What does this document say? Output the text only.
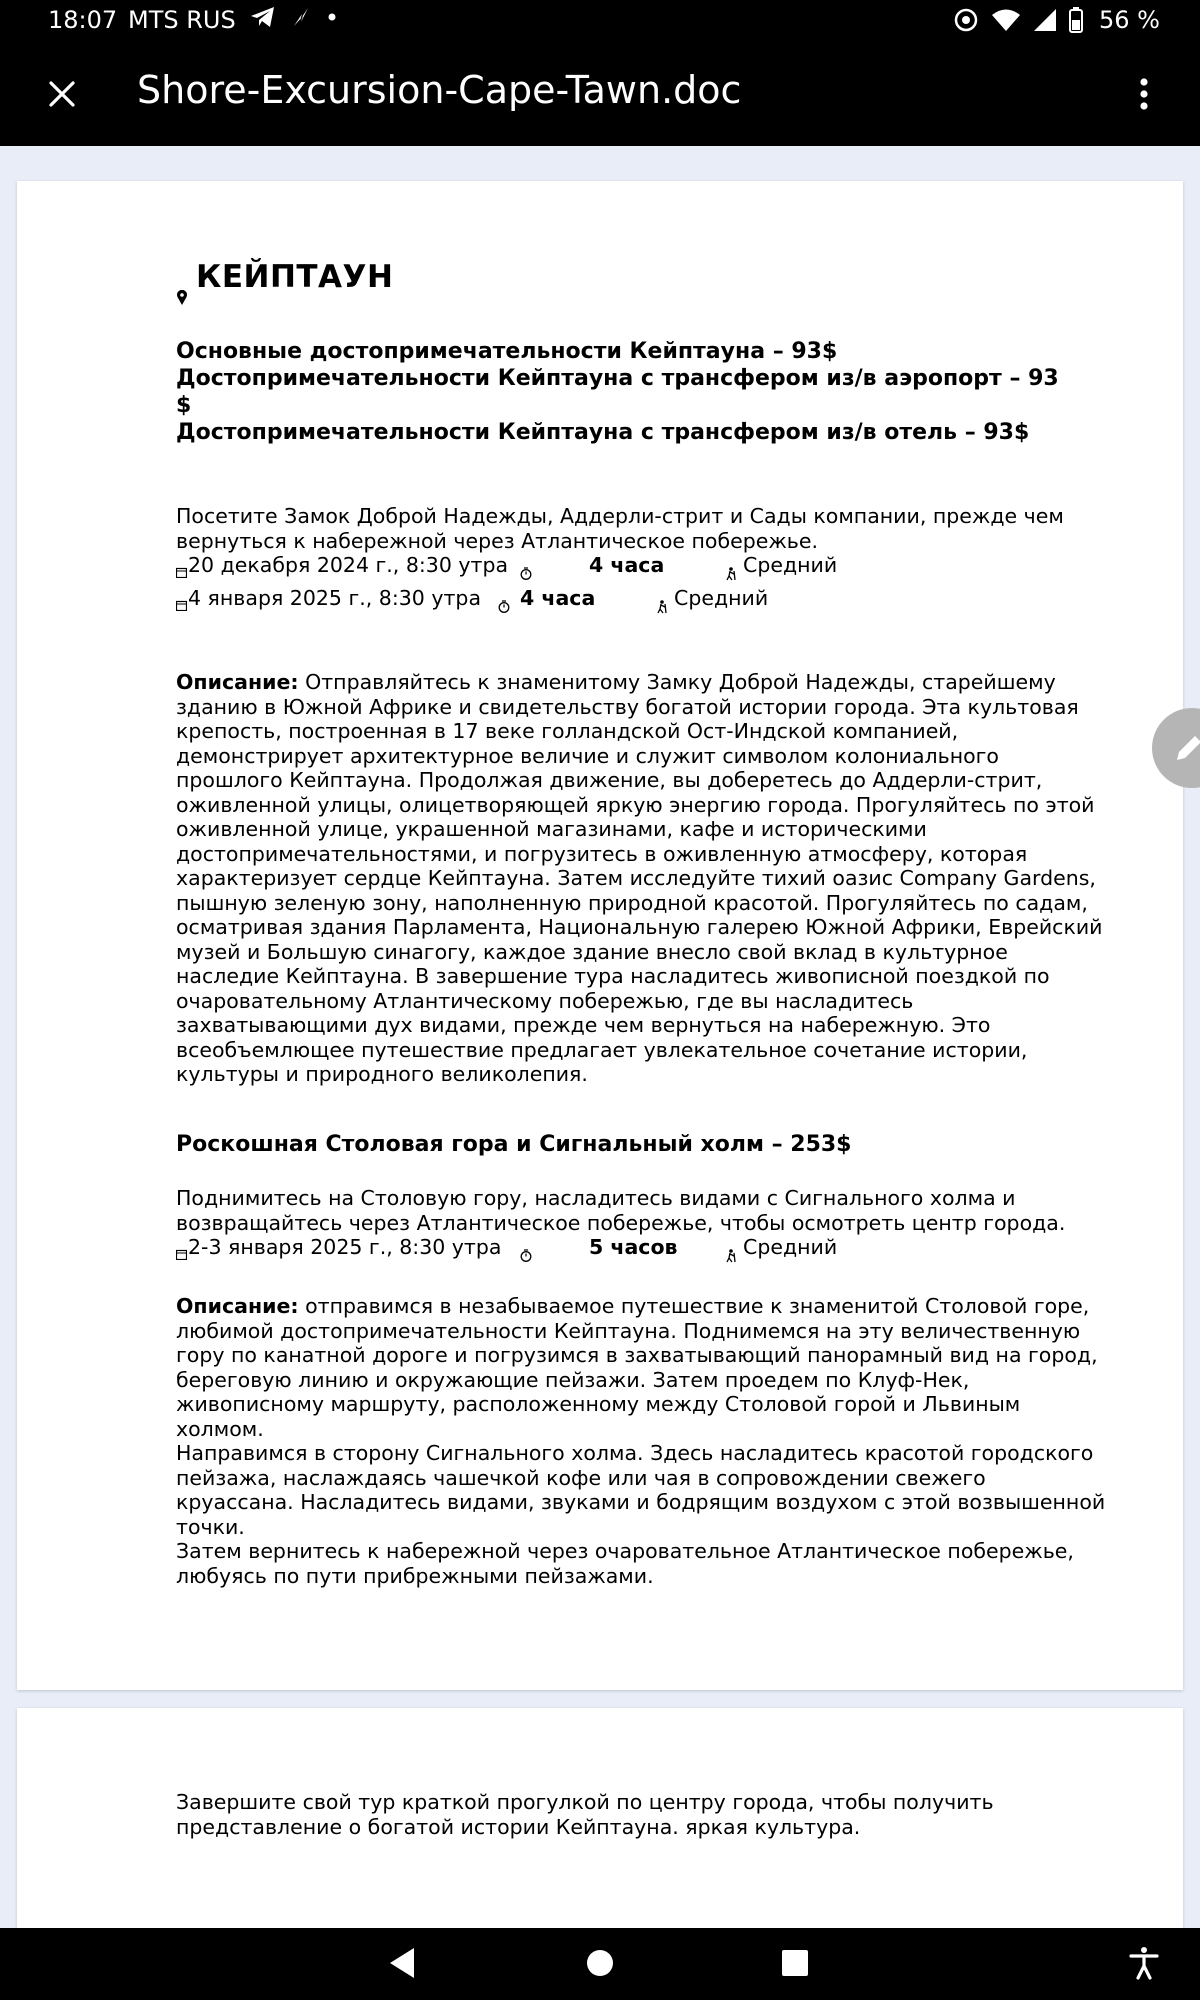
18:07 MTS RUS	56 %
Shore-Excursion-Cape-Tawn.doc
КЕЙПТАУН
Основные достопримечательности Кейптауна – 93$
Достопримечательности Кейптауна с трансфером из/в аэропорт – 93
$
Достопримечательности Кейптауна с трансфером из/в отель – 93$

Посетите Замок Доброй Надежды, Аддерли-стрит и Сады компании, прежде чем вернуться к набережной через Атлантическое побережье.

20 декабря 2024 г., 8:30 утра	4 часа	Средний
4 января 2025 г., 8:30 утра 4 часа	Средний

Описание: Отправляйтесь к знаменитому Замку Доброй Надежды, старейшему зданию в Южной Африке и свидетельству богатой истории города. Эта культовая крепость, построенная в 17 веке голландской Ост-Индской компанией, демонстрирует архитектурное величие и служит символом колониального прошлого Кейптауна. Продолжая движение, вы доберетесь до Аддерли-стрит, оживленной улицы, олицетворяющей яркую энергию города. Прогуляйтесь по этой оживленной улице, украшенной магазинами, кафе и историческими достопримечательностями, и погрузитесь в оживленную атмосферу, которая характеризует сердце Кейптауна. Затем исследуйте тихий оазис Company Gardens, пышную зеленую зону, наполненную природной красотой. Прогуляйтесь по садам, осматривая здания Парламента, Национальную галерею Южной Африки, Еврейский музей и Большую синагогу, каждое здание внесло свой вклад в культурное наследие Кейптауна. В завершение тура насладитесь живописной поездкой по очаровательному Атлантическому побережью, где вы насладитесь захватывающими дух видами, прежде чем вернуться на набережную. Это всеобъемлющее путешествие предлагает увлекательное сочетание истории, культуры и природного великолепия.

Роскошная Столовая гора и Сигнальный холм – 253$

Поднимитесь на Столовую гору, насладитесь видами с Сигнального холма и возвращайтесь через Атлантическое побережье, чтобы осмотреть центр города.

2-3 января 2025 г., 8:30 утра	5 часов	Средний

Описание: отправимся в незабываемое путешествие к знаменитой Столовой горе, любимой достопримечательности Кейптауна. Поднимемся на эту величественную гору по канатной дороге и погрузимся в захватывающий панорамный вид на город, береговую линию и окружающие пейзажи. Затем проедем по Клуф-Нек, живописному маршруту, расположенному между Столовой горой и Львиным холмом.

Направимся в сторону Сигнального холма. Здесь насладитесь красотой городского пейзажа, наслаждаясь чашечкой кофе или чая в сопровождении свежего круассана. Насладитесь видами, звуками и бодрящим воздухом с этой возвышенной точки.

Затем вернитесь к набережной через очаровательное Атлантическое побережье, любуясь по пути прибрежными пейзажами.

Завершите свой тур краткой прогулкой по центру города, чтобы получить представление о богатой истории Кейптауна. яркая культура.
